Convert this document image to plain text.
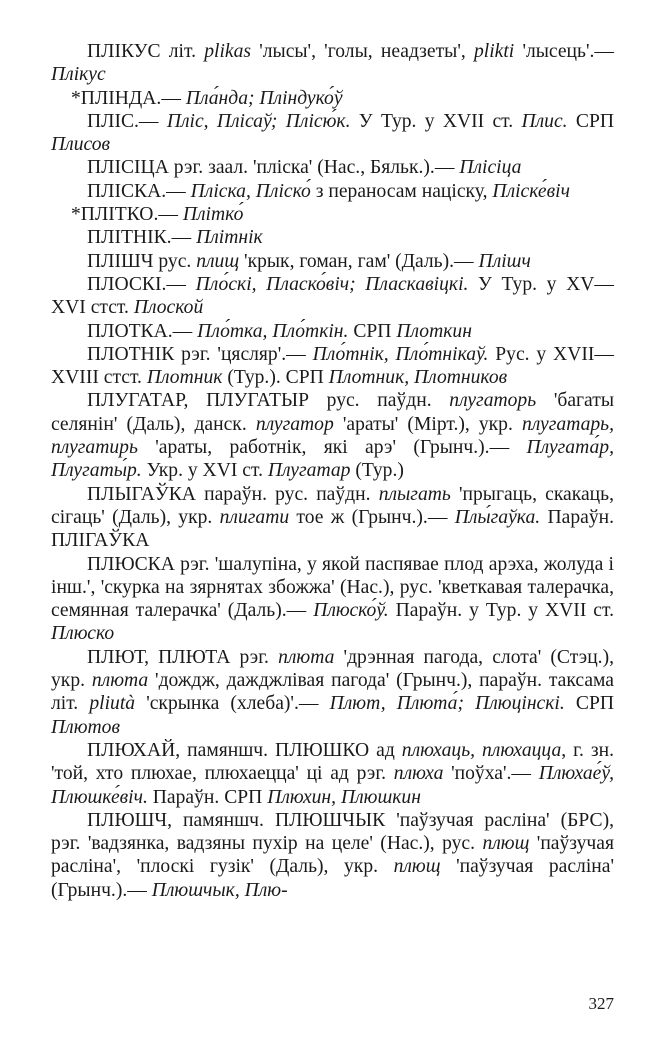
ПЛІКУС літ. plikas 'лысы', 'голы, неадзеты', plikti 'лысець'.— Плікус

*ПЛІНДА.— Пла́нда; Пліндуко́ў

ПЛІС.— Пліс, Плісаў; Плісю́к. У Тур. у XVII ст. Плис. СРП Плисов

ПЛІСІЦА рэг. заал. 'пліска' (Нас., Бяльк.).— Плісіца

ПЛІСКА.— Пліска, Пліско́ з пераносам націску, Пліске́віч

*ПЛІТКО.— Плітко́

ПЛІТНІК.— Плітнік

ПЛІШЧ рус. плищ 'крык, гоман, гам' (Даль).— Плішч

ПЛОСКІ.— Пло́скі, Пласко́віч; Пласкавіцкі. У Тур. у XV—XVI стст. Плоской

ПЛОТКА.— Пло́тка, Пло́ткін. СРП Плоткин

ПЛОТНІК рэг. 'цясляр'.— Пло́тнік, Пло́тнікаў. Рус. у XVII—XVIII стст. Плотник (Тур.). СРП Плотник, Плотников

ПЛУГАТАР, ПЛУГАТЫР рус. паўдн. плугаторь 'багаты селянін' (Даль), данск. плугатор 'араты' (Мірт.), укр. плугатарь, плугатирь 'араты, работнік, які арэ' (Грынч.).— Плугата́р, Плугаты́р. Укр. у XVI ст. Плугатар (Тур.)

ПЛЫГАЎКА параўн. рус. паўдн. плыгать 'прыгаць, скакаць, сігаць' (Даль), укр. плигати тое ж (Грынч.).— Плы́гаўка. Параўн. ПЛІГАЎКА

ПЛЮСКА рэг. 'шалупіна, у якой паспявае плод арэха, жолуда і інш.', 'скурка на зярнятах збожжа' (Нас.), рус. 'кветкавая талерачка, семянная талерачка' (Даль).— Плюско́ў. Параўн. у Тур. у XVII ст. Плюско

ПЛЮТ, ПЛЮТА рэг. плюта 'дрэнная пагода, слота' (Стэц.), укр. плюта 'дождж, дажджлівая пагода' (Грынч.), параўн. таксама літ. pliutà 'скрынка (хлеба)'.— Плют, Плюта́; Плюцінскі. СРП Плютов

ПЛЮХАЙ, памяншч. ПЛЮШКО ад плюхаць, плюхацца, г. зн. 'той, хто плюхае, плюхаецца' ці ад рэг. плюха 'поўха'.— Плюхае́ў, Плюшке́віч. Параўн. СРП Плюхин, Плюшкин

ПЛЮШЧ, памяншч. ПЛЮШЧЫК 'паўзучая расліна' (БРС), рэг. 'вадзянка, вадзяны пухір на целе' (Нас.), рус. плющ 'паўзучая расліна', 'плоскі гузік' (Даль), укр. плющ 'паўзучая расліна' (Грынч.).— Плюшчык, Плю-

327
